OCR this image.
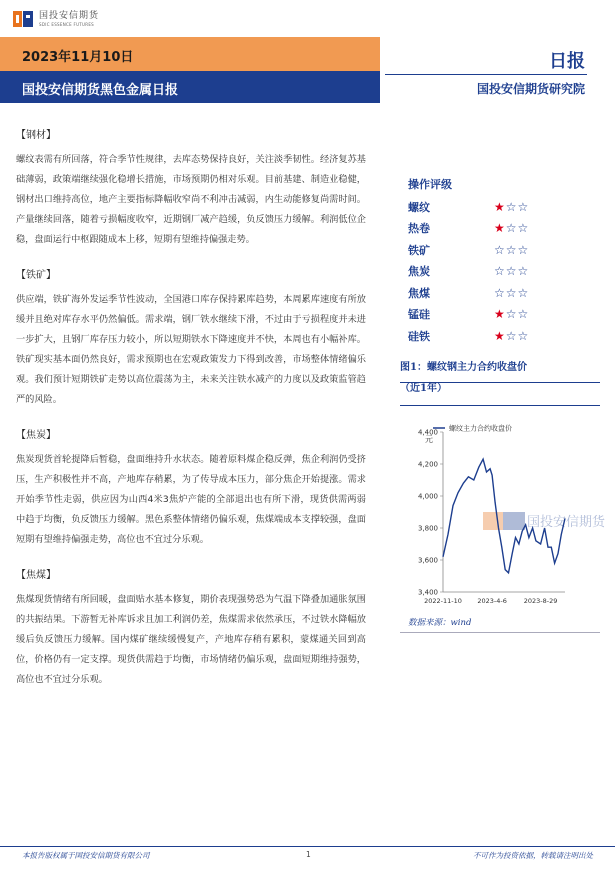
国投安信期货
SDIC ESSENCE FUTURES
2023年11月10日
国投安信期货黑色金属日报
日报
国投安信期货研究院
【钢材】

螺纹表需有所回落，符合季节性规律，去库态势保持良好，关注淡季韧性。经济复苏基础薄弱，政策端继续强化稳增长措施，市场预期仍相对乐观。目前基建、制造业稳健，钢材出口维持高位，地产主要指标降幅收窄尚不利冲击减弱，内生动能修复尚需时间。产量继续回落，随着亏损幅度收窄，近期钢厂减产趋缓，负反馈压力缓解。利润低位企稳，盘面运行中枢跟随成本上移，短期有望维持偏强走势。

【铁矿】

供应端，铁矿海外发运季节性波动，全国港口库存保持累库趋势，本周累库速度有所放缓并且绝对库存水平仍然偏低。需求端，钢厂铁水继续下滑，不过由于亏损程度并未进一步扩大，且钢厂库存压力较小，所以短期铁水下降速度并不快，本周也有小幅补库。铁矿现实基本面仍然良好，需求预期也在宏观政策发力下得到改善，市场整体情绪偏乐观。我们预计短期铁矿走势以高位震荡为主，未来关注铁水减产的力度以及政策监管趋严的风险。

【焦炭】

焦炭现货首轮提降后暂稳，盘面维持升水状态。随着原料煤企稳反弹，焦企利润仍受挤压，生产积极性并不高，产地库存稍累，为了传导成本压力，部分焦企开始提涨。需求开始季节性走弱，供应因为山西4米3焦炉产能的全部退出也有所下滑，现货供需两弱中趋于均衡，负反馈压力缓解。黑色系整体情绪仍偏乐观，焦煤端成本支撑较强，盘面短期有望维持偏强走势，高位也不宜过分乐观。

【焦煤】

焦煤现货情绪有所回暖，盘面贴水基本修复，期价表现强势恐为气温下降叠加通胀氛围的共振结果。下游暂无补库诉求且加工利润仍差，焦煤需求依然承压，不过铁水降幅放缓后负反馈压力缓解。国内煤矿继续缓慢复产，产地库存稍有累积，蒙煤通关回到高位，价格仍有一定支撑。现货供需趋于均衡，市场情绪仍偏乐观，盘面短期维持强势，高位也不宜过分乐观。

操作评级
螺纹	★☆☆
热卷	★☆☆
铁矿	☆☆☆
焦炭	☆☆☆
焦煤	☆☆☆
锰硅	★☆☆
硅铁	★☆☆
图1：螺纹钢主力合约收盘价
（近1年）
国投安信期货
3,400
3,600
3,800
4,000
4,200
4,400
2022-11-10 2023-4-6	2023-8-29
元
螺纹主力合约收盘价
数据来源：wind
本报告版权属于国投安信期货有限公司	1	不可作为投资依据，转载请注明出处
